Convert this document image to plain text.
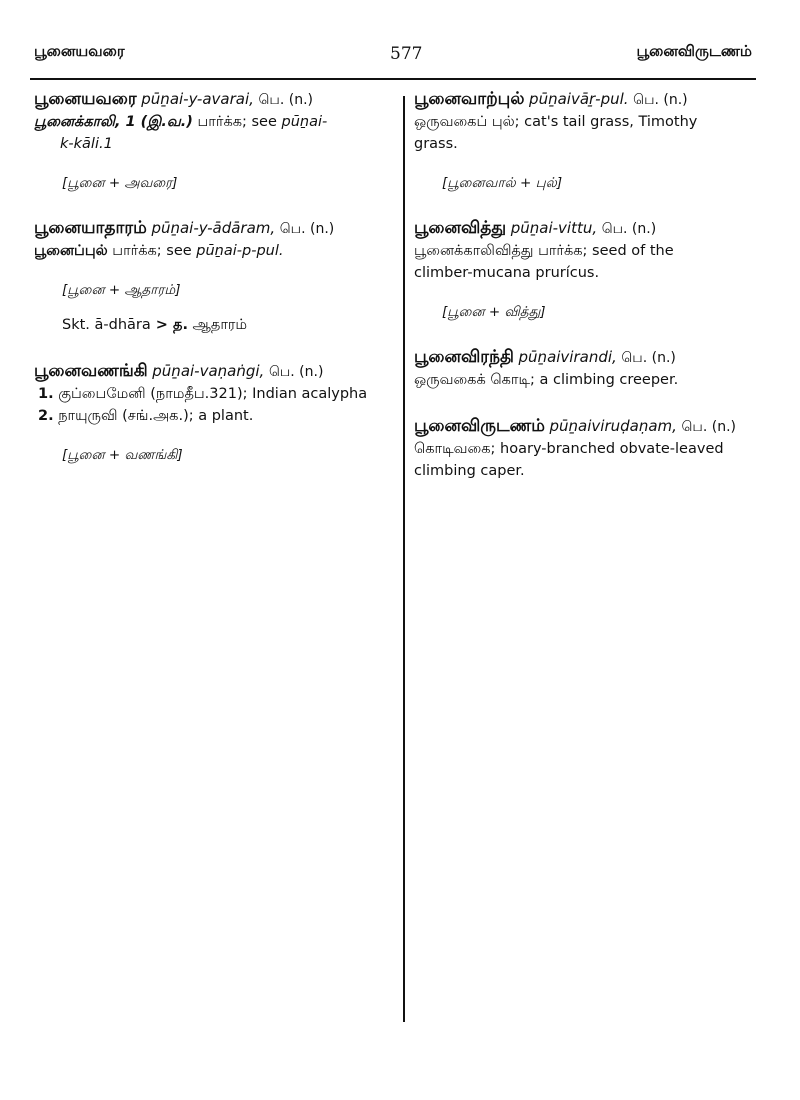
பூனையவரை	577	பூனைவிருடணம்
பூனையவரை pūṉai-y-avarai, பெ. (n.)
பூனைக்காலி, 1 (இ.வ.) பார்க்க; see pūṉai-
k-kāli.1
[பூனை + அவரை]
பூனையாதாரம் pūṉai-y-ādāram, பெ. (n.)
பூனைப்புல் பார்க்க; see pūṉai-p-pul.
[பூனை + ஆதாரம்]
Skt. ā-dhāra > த. ஆதாரம்
பூனைவணங்கி pūṉai-vaṇaṅgi, பெ. (n.)
1. குப்பைமேனி (நாமதீப.321); Indian acalypha
2. நாயுருவி (சங்.அக.); a plant.
[பூனை + வணங்கி]
பூனைவாற்புல் pūṉaivāṟ-pul. பெ. (n.)
ஒருவகைப் புல்; cat's tail grass, Timothy
grass.
[பூனைவால் + புல்]
பூனைவித்து pūṉai-vittu, பெ. (n.)
பூனைக்காலிவித்து பார்க்க; seed of the
climber-mucana prurícus.
[பூனை + வித்து]
பூனைவிரந்தி pūṉaivirandi, பெ. (n.)
ஒருவகைக் கொடி; a climbing creeper.
பூனைவிருடணம் pūṉaiviruḍaṇam, பெ. (n.)
கொடிவகை; hoary-branched obvate-leaved
climbing caper.
